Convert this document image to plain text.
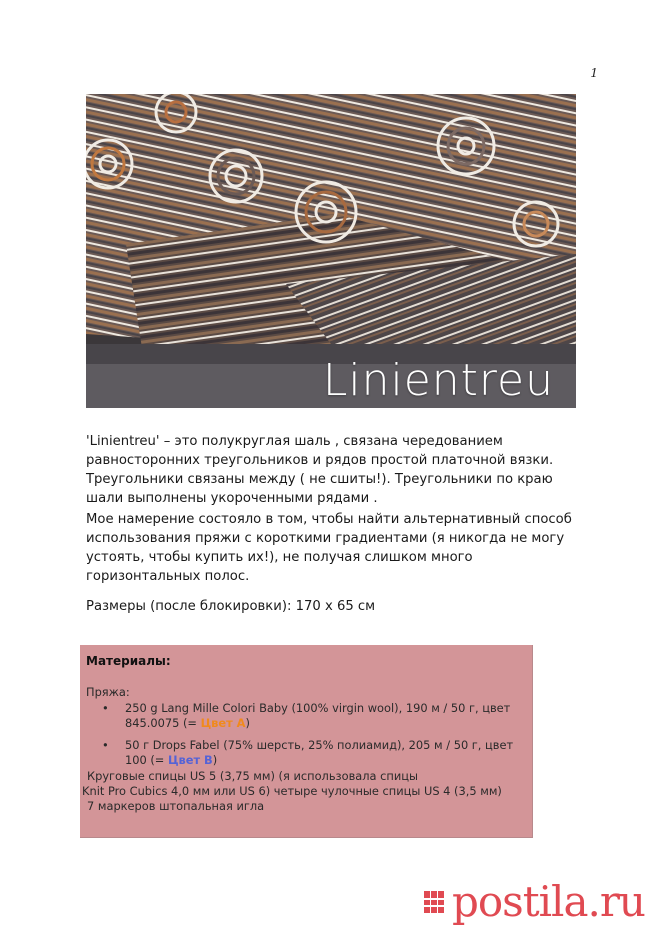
1
Linientreu
'Linientreu' – это полукруглая шаль , связана чередованием равносторонних треугольников и рядов простой платочной вязки. Треугольники связаны между ( не сшиты!). Треугольники по краю шали выполнены укороченными рядами .
Мое намерение состояло в том, чтобы найти альтернативный способ использования пряжи с короткими градиентами (я никогда не могу устоять, чтобы купить их!), не получая слишком много горизонтальных полос.
Размеры (после блокировки): 170 x 65 см
Материалы:
Пряжа:
• 250 g Lang Mille Colori Baby (100% virgin wool), 190 м / 50 г, цвет 845.0075 (= Цвет А)
• 50 г Drops Fabel (75% шерсть, 25% полиамид), 205 м / 50 г, цвет 100 (= Цвет B)
Круговые спицы US 5 (3,75 мм) (я использовала спицы
Knit Pro Cubics 4,0 мм или US 6) четыре чулочные спицы US 4 (3,5 мм)
7 маркеров штопальная игла
postila.ru
